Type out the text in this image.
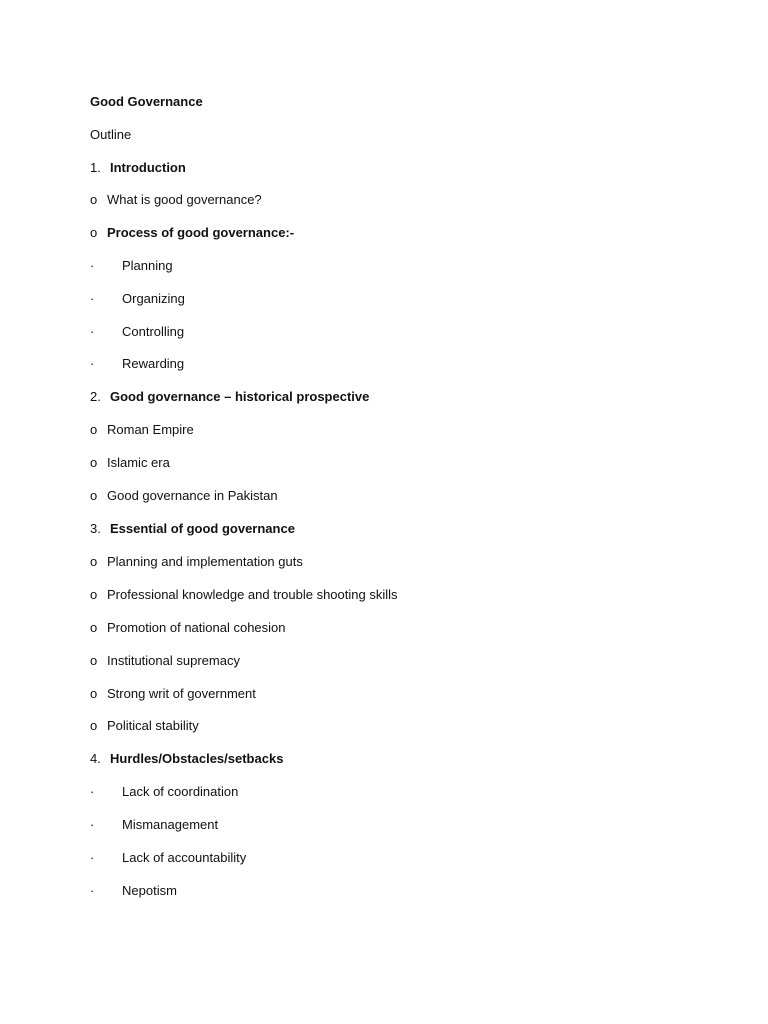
Good Governance
Outline
1. Introduction
o What is good governance?
o Process of good governance:-
· Planning
· Organizing
· Controlling
· Rewarding
2. Good governance – historical prospective
o Roman Empire
o Islamic era
o Good governance in Pakistan
3. Essential of good governance
o Planning and implementation guts
o Professional knowledge and trouble shooting skills
o Promotion of national cohesion
o Institutional supremacy
o Strong writ of government
o Political stability
4. Hurdles/Obstacles/setbacks
· Lack of coordination
· Mismanagement
· Lack of accountability
· Nepotism
